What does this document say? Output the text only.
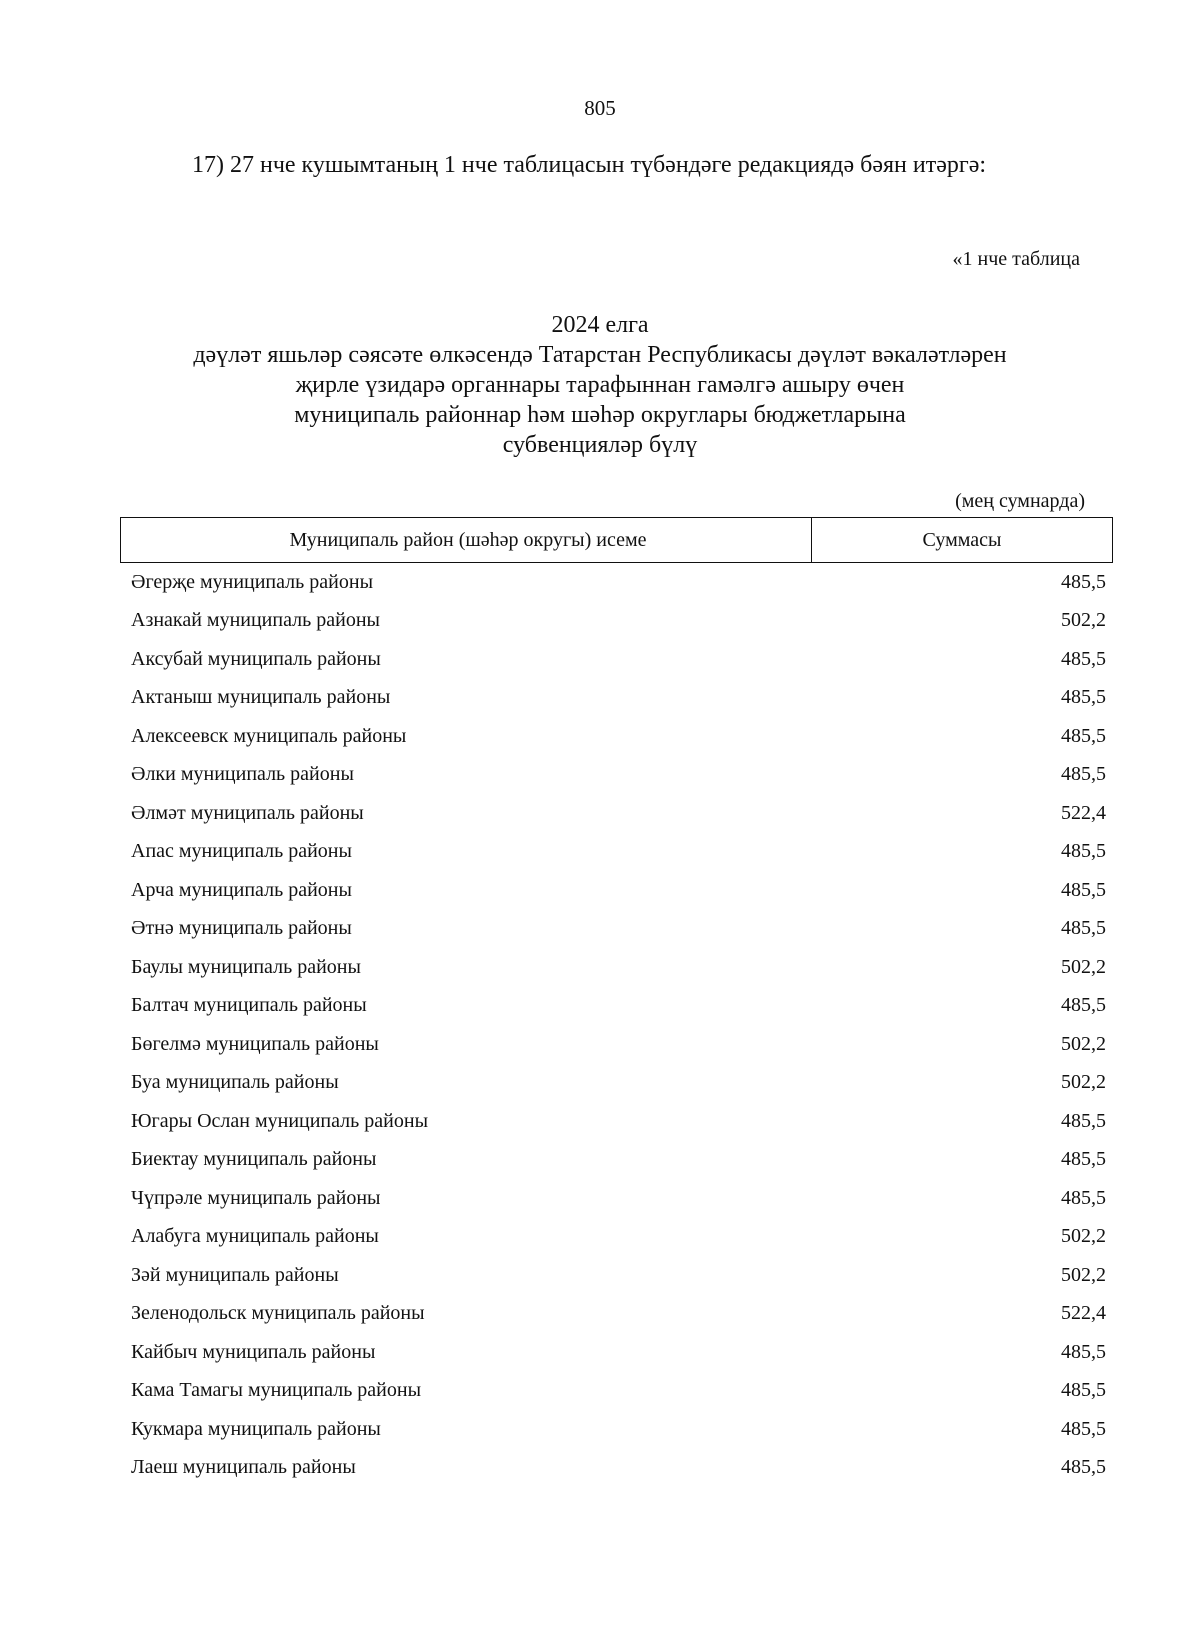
805
17) 27 нче кушымтаның 1 нче таблицасын түбәндәге редакциядә бәян итәргә:
«1 нче таблица
2024 елга
дәүләт яшьләр сәясәте өлкәсендә Татарстан Республикасы дәүләт вәкаләтләрен
җирле үзидарә органнары тарафыннан гамәлгә ашыру өчен
муниципаль районнар һәм шәһәр округлары бюджетларына
субвенцияләр бүлү
(мең сумнарда)
Муниципаль район (шәһәр округы) исеме	Суммасы
Әгерҗе муниципаль районы	485,5
Азнакай муниципаль районы	502,2
Аксубай муниципаль районы	485,5
Актаныш муниципаль районы	485,5
Алексеевск муниципаль районы	485,5
Әлки муниципаль районы	485,5
Әлмәт муниципаль районы	522,4
Апас муниципаль районы	485,5
Арча муниципаль районы	485,5
Әтнә муниципаль районы	485,5
Баулы муниципаль районы	502,2
Балтач муниципаль районы	485,5
Бөгелмә муниципаль районы	502,2
Буа муниципаль районы	502,2
Югары Ослан муниципаль районы	485,5
Биектау муниципаль районы	485,5
Чүпрәле муниципаль районы	485,5
Алабуга муниципаль районы	502,2
Зәй муниципаль районы	502,2
Зеленодольск муниципаль районы	522,4
Кайбыч муниципаль районы	485,5
Кама Тамагы муниципаль районы	485,5
Кукмара муниципаль районы	485,5
Лаеш муниципаль районы	485,5
